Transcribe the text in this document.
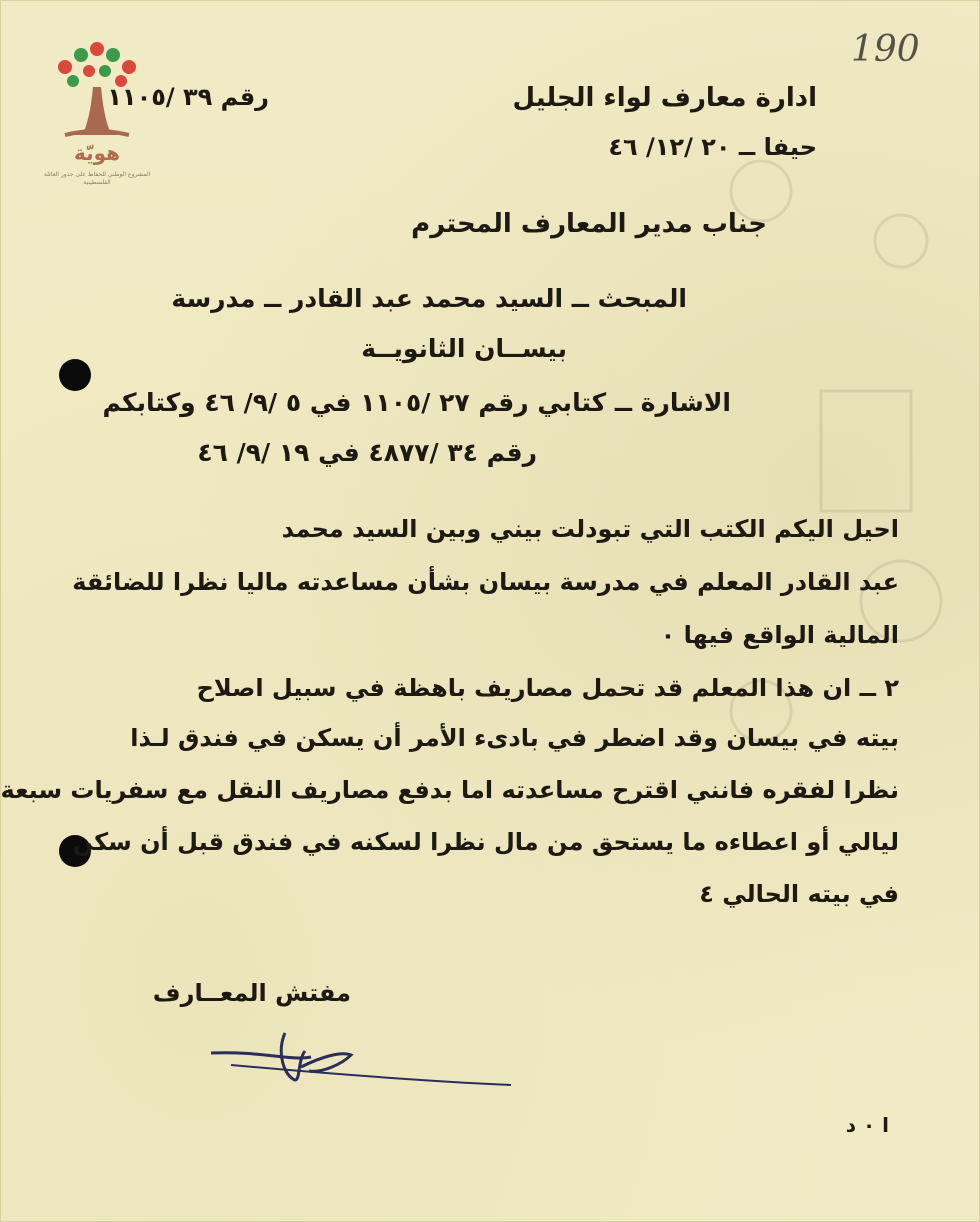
190
هويّة
المشروع الوطني للحفاظ على جذور العائلة الفلسطينية
رقم ٣٩ /١١٠٥	ادارة معارف لواء الجليل
حيفا ــ ٢٠ /١٢/ ٤٦
جناب مدير المعارف المحترم
المبحث ــ السيد محمد عبد القادر ــ مدرسة
بيســان الثانويــة
الاشارة ــ كتابي رقم ٢٧ /١١٠٥ في ٥ /٩/ ٤٦ وكتابكم
رقم ٣٤ /٤٨٧٧ في ١٩ /٩/ ٤٦
احيل اليكم الكتب التي تبودلت بيني وبين السيد محمد
عبد القادر المعلم في مدرسة بيسان بشأن مساعدته ماليا نظرا للضائقة
المالية الواقع فيها ٠
٢ ــ ان هذا المعلم قد تحمل مصاريف باهظة في سبيل اصلاح
بيته في بيسان وقد اضطر في بادىء الأمر أن يسكن في فندق لـذا
نظرا لفقره فانني اقترح مساعدته اما بدفع مصاريف النقل مع سفريات سبعة
ليالي أو اعطاءه ما يستحق من مال نظرا لسكنه في فندق قبل أن سكن
في بيته الحالي ٤
مفتش المعــارف
ا ٠ د
